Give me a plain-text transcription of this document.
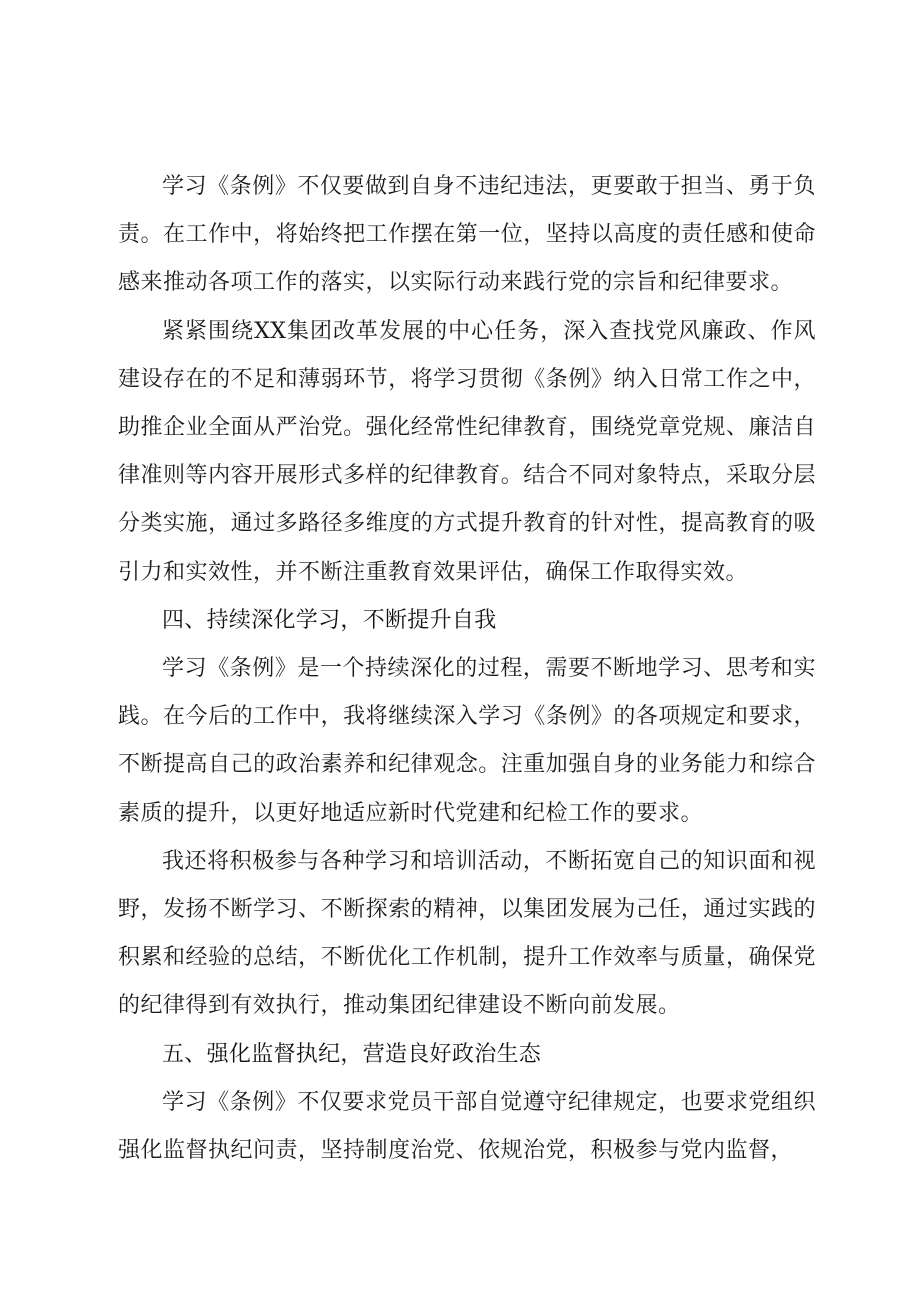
学习《条例》不仅要做到自身不违纪违法，更要敢于担当、勇于负责。在工作中，将始终把工作摆在第一位，坚持以高度的责任感和使命感来推动各项工作的落实，以实际行动来践行党的宗旨和纪律要求。

紧紧围绕XX集团改革发展的中心任务，深入查找党风廉政、作风建设存在的不足和薄弱环节，将学习贯彻《条例》纳入日常工作之中，助推企业全面从严治党。强化经常性纪律教育，围绕党章党规、廉洁自律准则等内容开展形式多样的纪律教育。结合不同对象特点，采取分层分类实施，通过多路径多维度的方式提升教育的针对性，提高教育的吸引力和实效性，并不断注重教育效果评估，确保工作取得实效。

四、持续深化学习，不断提升自我

学习《条例》是一个持续深化的过程，需要不断地学习、思考和实践。在今后的工作中，我将继续深入学习《条例》的各项规定和要求，不断提高自己的政治素养和纪律观念。注重加强自身的业务能力和综合素质的提升，以更好地适应新时代党建和纪检工作的要求。

我还将积极参与各种学习和培训活动，不断拓宽自己的知识面和视野，发扬不断学习、不断探索的精神，以集团发展为己任，通过实践的积累和经验的总结，不断优化工作机制，提升工作效率与质量，确保党的纪律得到有效执行，推动集团纪律建设不断向前发展。

五、强化监督执纪，营造良好政治生态

学习《条例》不仅要求党员干部自觉遵守纪律规定，也要求党组织强化监督执纪问责，坚持制度治党、依规治党，积极参与党内监督，
